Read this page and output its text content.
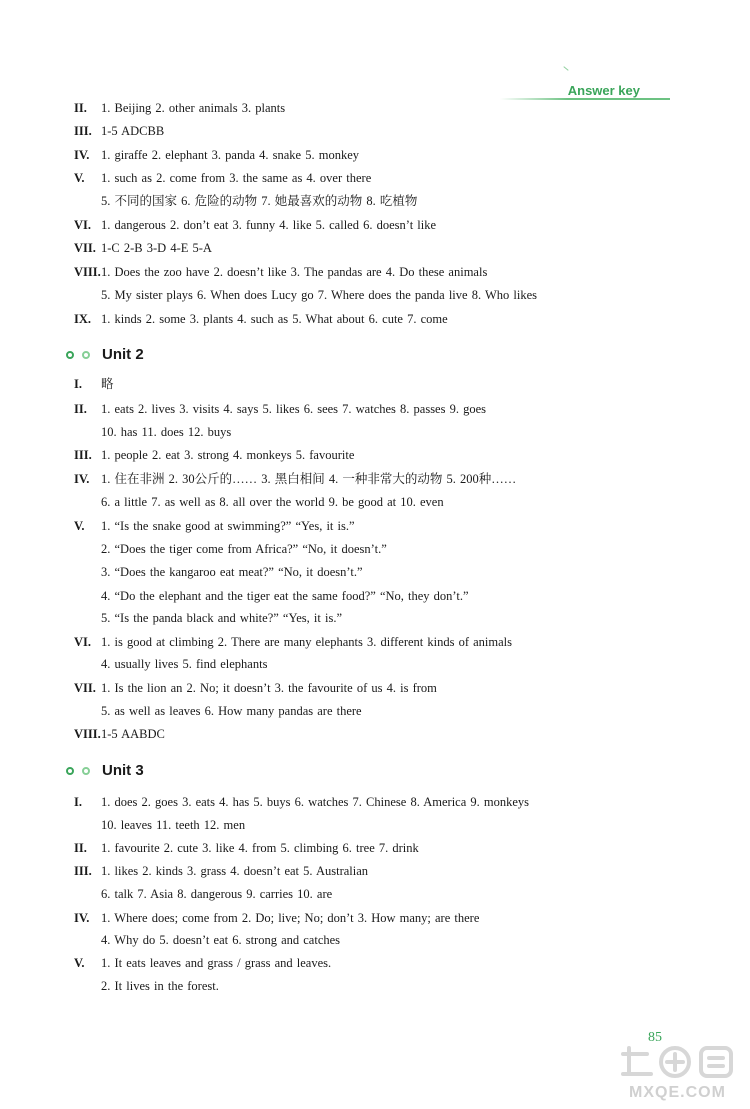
Answer key
II. 1. Beijing 2. other animals 3. plants
III. 1-5 ADCBB
IV. 1. giraffe 2. elephant 3. panda 4. snake 5. monkey
V. 1. such as 2. come from 3. the same as 4. over there
5. 不同的国家 6. 危险的动物 7. 她最喜欢的动物 8. 吃植物
VI. 1. dangerous 2. don’t eat 3. funny 4. like 5. called 6. doesn’t like
VII. 1-C 2-B 3-D 4-E 5-A
VIII. 1. Does the zoo have 2. doesn’t like 3. The pandas are 4. Do these animals
5. My sister plays 6. When does Lucy go 7. Where does the panda live 8. Who likes
IX. 1. kinds 2. some 3. plants 4. such as 5. What about 6. cute 7. come
Unit 2
I. 略
II. 1. eats 2. lives 3. visits 4. says 5. likes 6. sees 7. watches 8. passes 9. goes
10. has 11. does 12. buys
III. 1. people 2. eat 3. strong 4. monkeys 5. favourite
IV. 1. 住在非洲 2. 30公斤的…… 3. 黑白相间 4. 一种非常大的动物 5. 200种……
6. a little 7. as well as 8. all over the world 9. be good at 10. even
V. 1. “Is the snake good at swimming?” “Yes, it is.”
2. “Does the tiger come from Africa?” “No, it doesn’t.”
3. “Does the kangaroo eat meat?” “No, it doesn’t.”
4. “Do the elephant and the tiger eat the same food?” “No, they don’t.”
5. “Is the panda black and white?” “Yes, it is.”
VI. 1. is good at climbing 2. There are many elephants 3. different kinds of animals
4. usually lives 5. find elephants
VII. 1. Is the lion an 2. No; it doesn’t 3. the favourite of us 4. is from
5. as well as leaves 6. How many pandas are there
VIII. 1-5 AABDC
Unit 3
I. 1. does 2. goes 3. eats 4. has 5. buys 6. watches 7. Chinese 8. America 9. monkeys
10. leaves 11. teeth 12. men
II. 1. favourite 2. cute 3. like 4. from 5. climbing 6. tree 7. drink
III. 1. likes 2. kinds 3. grass 4. doesn’t eat 5. Australian
6. talk 7. Asia 8. dangerous 9. carries 10. are
IV. 1. Where does; come from 2. Do; live; No; don’t 3. How many; are there
4. Why do 5. doesn’t eat 6. strong and catches
V. 1. It eats leaves and grass / grass and leaves.
2. It lives in the forest.
85
MXQE.COM
